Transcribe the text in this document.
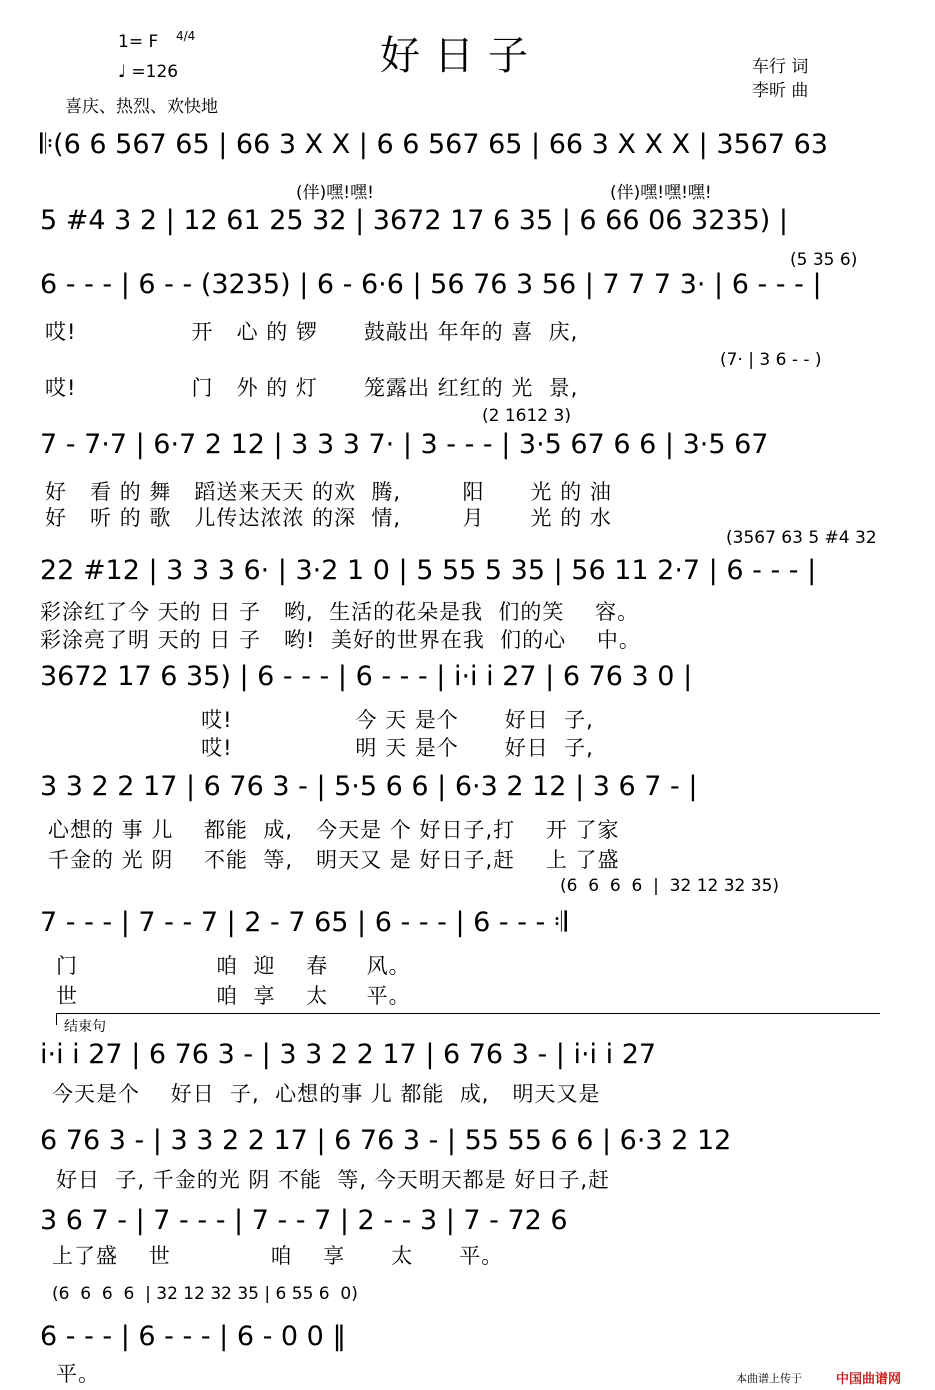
1= F 4/4
♩ =126
喜庆、热烈、欢快地
好日子	车行 词
李昕 曲
𝄆(6 6 567 65 | 66 3 X X | 6 6 567 65 | 66 3 X X X | 3567 63
(伴)嘿!嘿!	(伴)嘿!嘿!嘿!
5 #4 3 2 | 12 61 25 32 | 3672 17 6 35 | 6 66 06 3235) |
(5 35 6)
6 - - - | 6 - - (3235) | 6 - 6·6 | 56 76 3 56 | 7 7 7 3· | 6 - - - |
哎!               开   心 的 锣      鼓敲出 年年的 喜  庆,
哎!               门   外 的 灯      笼露出 红红的 光  景,
(7· | 3 6 - - )
(2 1612 3)
7 - 7·7 | 6·7 2 12 | 3 3 3 7· | 3 - - - | 3·5 67 6 6 | 3·5 67
好   看 的 舞   蹈送来天天 的欢  腾,        阳      光 的 油
好   听 的 歌   儿传达浓浓 的深  情,        月      光 的 水
(3567 63 5 #4 32
22 #12 | 3 3 3 6· | 3·2 1 0 | 5 55 5 35 | 56 11 2·7 | 6 - - - |
彩涂红了今 天的 日 子   哟,  生活的花朵是我  们的笑    容。
彩涂亮了明 天的 日 子   哟!  美好的世界在我  们的心    中。
3672 17 6 35) | 6 - - - | 6 - - - | i·i i 27 | 6 76 3 0 |
哎!                今 天 是个      好日  子,
哎!                明 天 是个      好日  子,
3 3 2 2 17 | 6 76 3 - | 5·5 6 6 | 6·3 2 12 | 3 6 7 - |
心想的 事 儿    都能  成,   今天是 个 好日子,打    开 了家
千金的 光 阴    不能  等,   明天又 是 好日子,赶    上 了盛
(6  6  6  6  |  32 12 32 35)
7 - - - | 7 - - 7 | 2 - 7 65 | 6 - - - | 6 - - - 𝄇
门                  咱  迎    春     风。
世                  咱  享    太     平。
结束句
i·i i 27 | 6 76 3 - | 3 3 2 2 17 | 6 76 3 - | i·i i 27
今天是个    好日  子,  心想的事 儿 都能  成,   明天又是
6 76 3 - | 3 3 2 2 17 | 6 76 3 - | 55 55 6 6 | 6·3 2 12
好日  子, 千金的光 阴 不能  等, 今天明天都是 好日子,赶
3 6 7 - | 7 - - - | 7 - - 7 | 2 - - 3 | 7 - 72 6
上了盛    世             咱    享      太      平。
(6  6  6  6  | 32 12 32 35 | 6 55 6  0)
6 - - - | 6 - - - | 6 - 0 0 ‖
平。	本曲谱上传于	中国曲谱网
